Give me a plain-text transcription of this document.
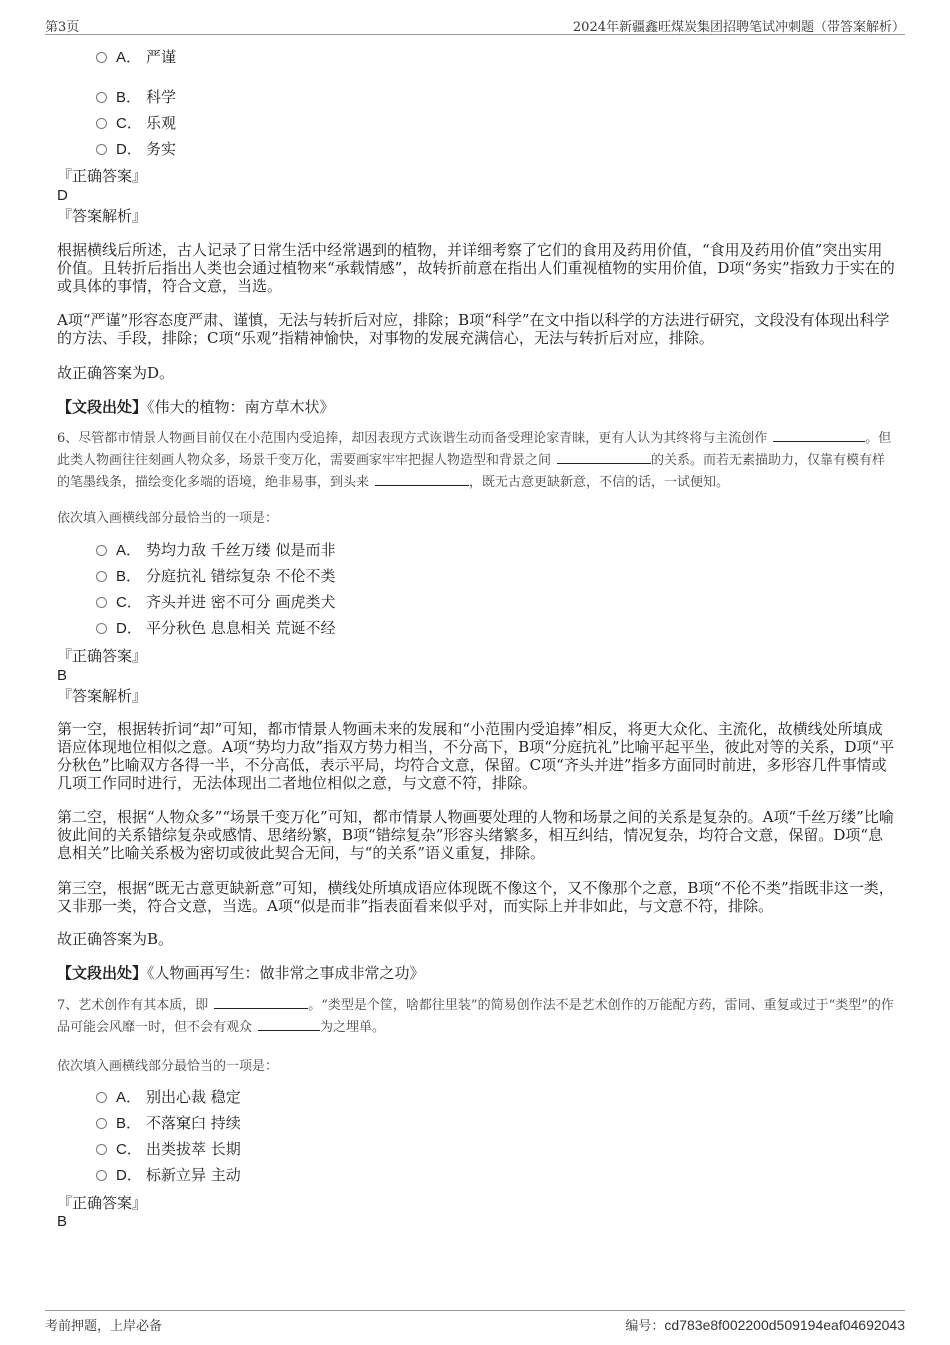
第3页	2024年新疆鑫旺煤炭集团招聘笔试冲刺题（带答案解析）
A． 严谨
B． 科学
C． 乐观
D． 务实
『正确答案』
D
『答案解析』

根据横线后所述，古人记录了日常生活中经常遇到的植物，并详细考察了它们的食用及药用价值，“食用及药用价值”突出实用价值。且转折后指出人类也会通过植物来“承载情感”，故转折前意在指出人们重视植物的实用价值，D项“务实”指致力于实在的或具体的事情，符合文意，当选。

A项“严谨”形容态度严肃、谨慎，无法与转折后对应，排除；B项“科学”在文中指以科学的方法进行研究，文段没有体现出科学的方法、手段，排除；C项“乐观”指精神愉快，对事物的发展充满信心，无法与转折后对应，排除。

故正确答案为D。

【文段出处】《伟大的植物：南方草木状》

6、尽管都市情景人物画目前仅在小范围内受追捧，却因表现方式诙谐生动而备受理论家青睐，更有人认为其终将与主流创作	。但此类人物画往往刻画人物众多，场景千变万化，需要画家牢牢把握人物造型和背景之间	的关系。而若无素描助力，仅靠有模有样的笔墨线条，描绘变化多端的语境，绝非易事，到头来	，既无古意更缺新意，不信的话，一试便知。

依次填入画横线部分最恰当的一项是：
A． 势均力敌 千丝万缕 似是而非
B． 分庭抗礼 错综复杂 不伦不类
C． 齐头并进 密不可分 画虎类犬
D． 平分秋色 息息相关 荒诞不经
『正确答案』
B
『答案解析』

第一空，根据转折词“却”可知，都市情景人物画未来的发展和“小范围内受追捧”相反，将更大众化、主流化，故横线处所填成语应体现地位相似之意。A项“势均力敌”指双方势力相当，不分高下，B项“分庭抗礼”比喻平起平坐，彼此对等的关系，D项“平分秋色”比喻双方各得一半，不分高低，表示平局，均符合文意，保留。C项“齐头并进”指多方面同时前进，多形容几件事情或几项工作同时进行，无法体现出二者地位相似之意，与文意不符，排除。

第二空，根据“人物众多”“场景千变万化”可知，都市情景人物画要处理的人物和场景之间的关系是复杂的。A项“千丝万缕”比喻彼此间的关系错综复杂或感情、思绪纷繁，B项“错综复杂”形容头绪繁多，相互纠结，情况复杂，均符合文意，保留。D项“息息相关”比喻关系极为密切或彼此契合无间，与“的关系”语义重复，排除。

第三空，根据“既无古意更缺新意”可知，横线处所填成语应体现既不像这个，又不像那个之意，B项“不伦不类”指既非这一类，又非那一类，符合文意，当选。A项“似是而非”指表面看来似乎对，而实际上并非如此，与文意不符，排除。

故正确答案为B。

【文段出处】《人物画再写生：做非常之事成非常之功》

7、艺术创作有其本质，即	。“类型是个筐，啥都往里装”的简易创作法不是艺术创作的万能配方药，雷同、重复或过于“类型”的作品可能会风靡一时，但不会有观众	为之埋单。

依次填入画横线部分最恰当的一项是：
A． 别出心裁 稳定
B． 不落窠臼 持续
C． 出类拔萃 长期
D． 标新立异 主动
『正确答案』
B
考前押题，上岸必备	编号：cd783e8f002200d509194eaf04692043
